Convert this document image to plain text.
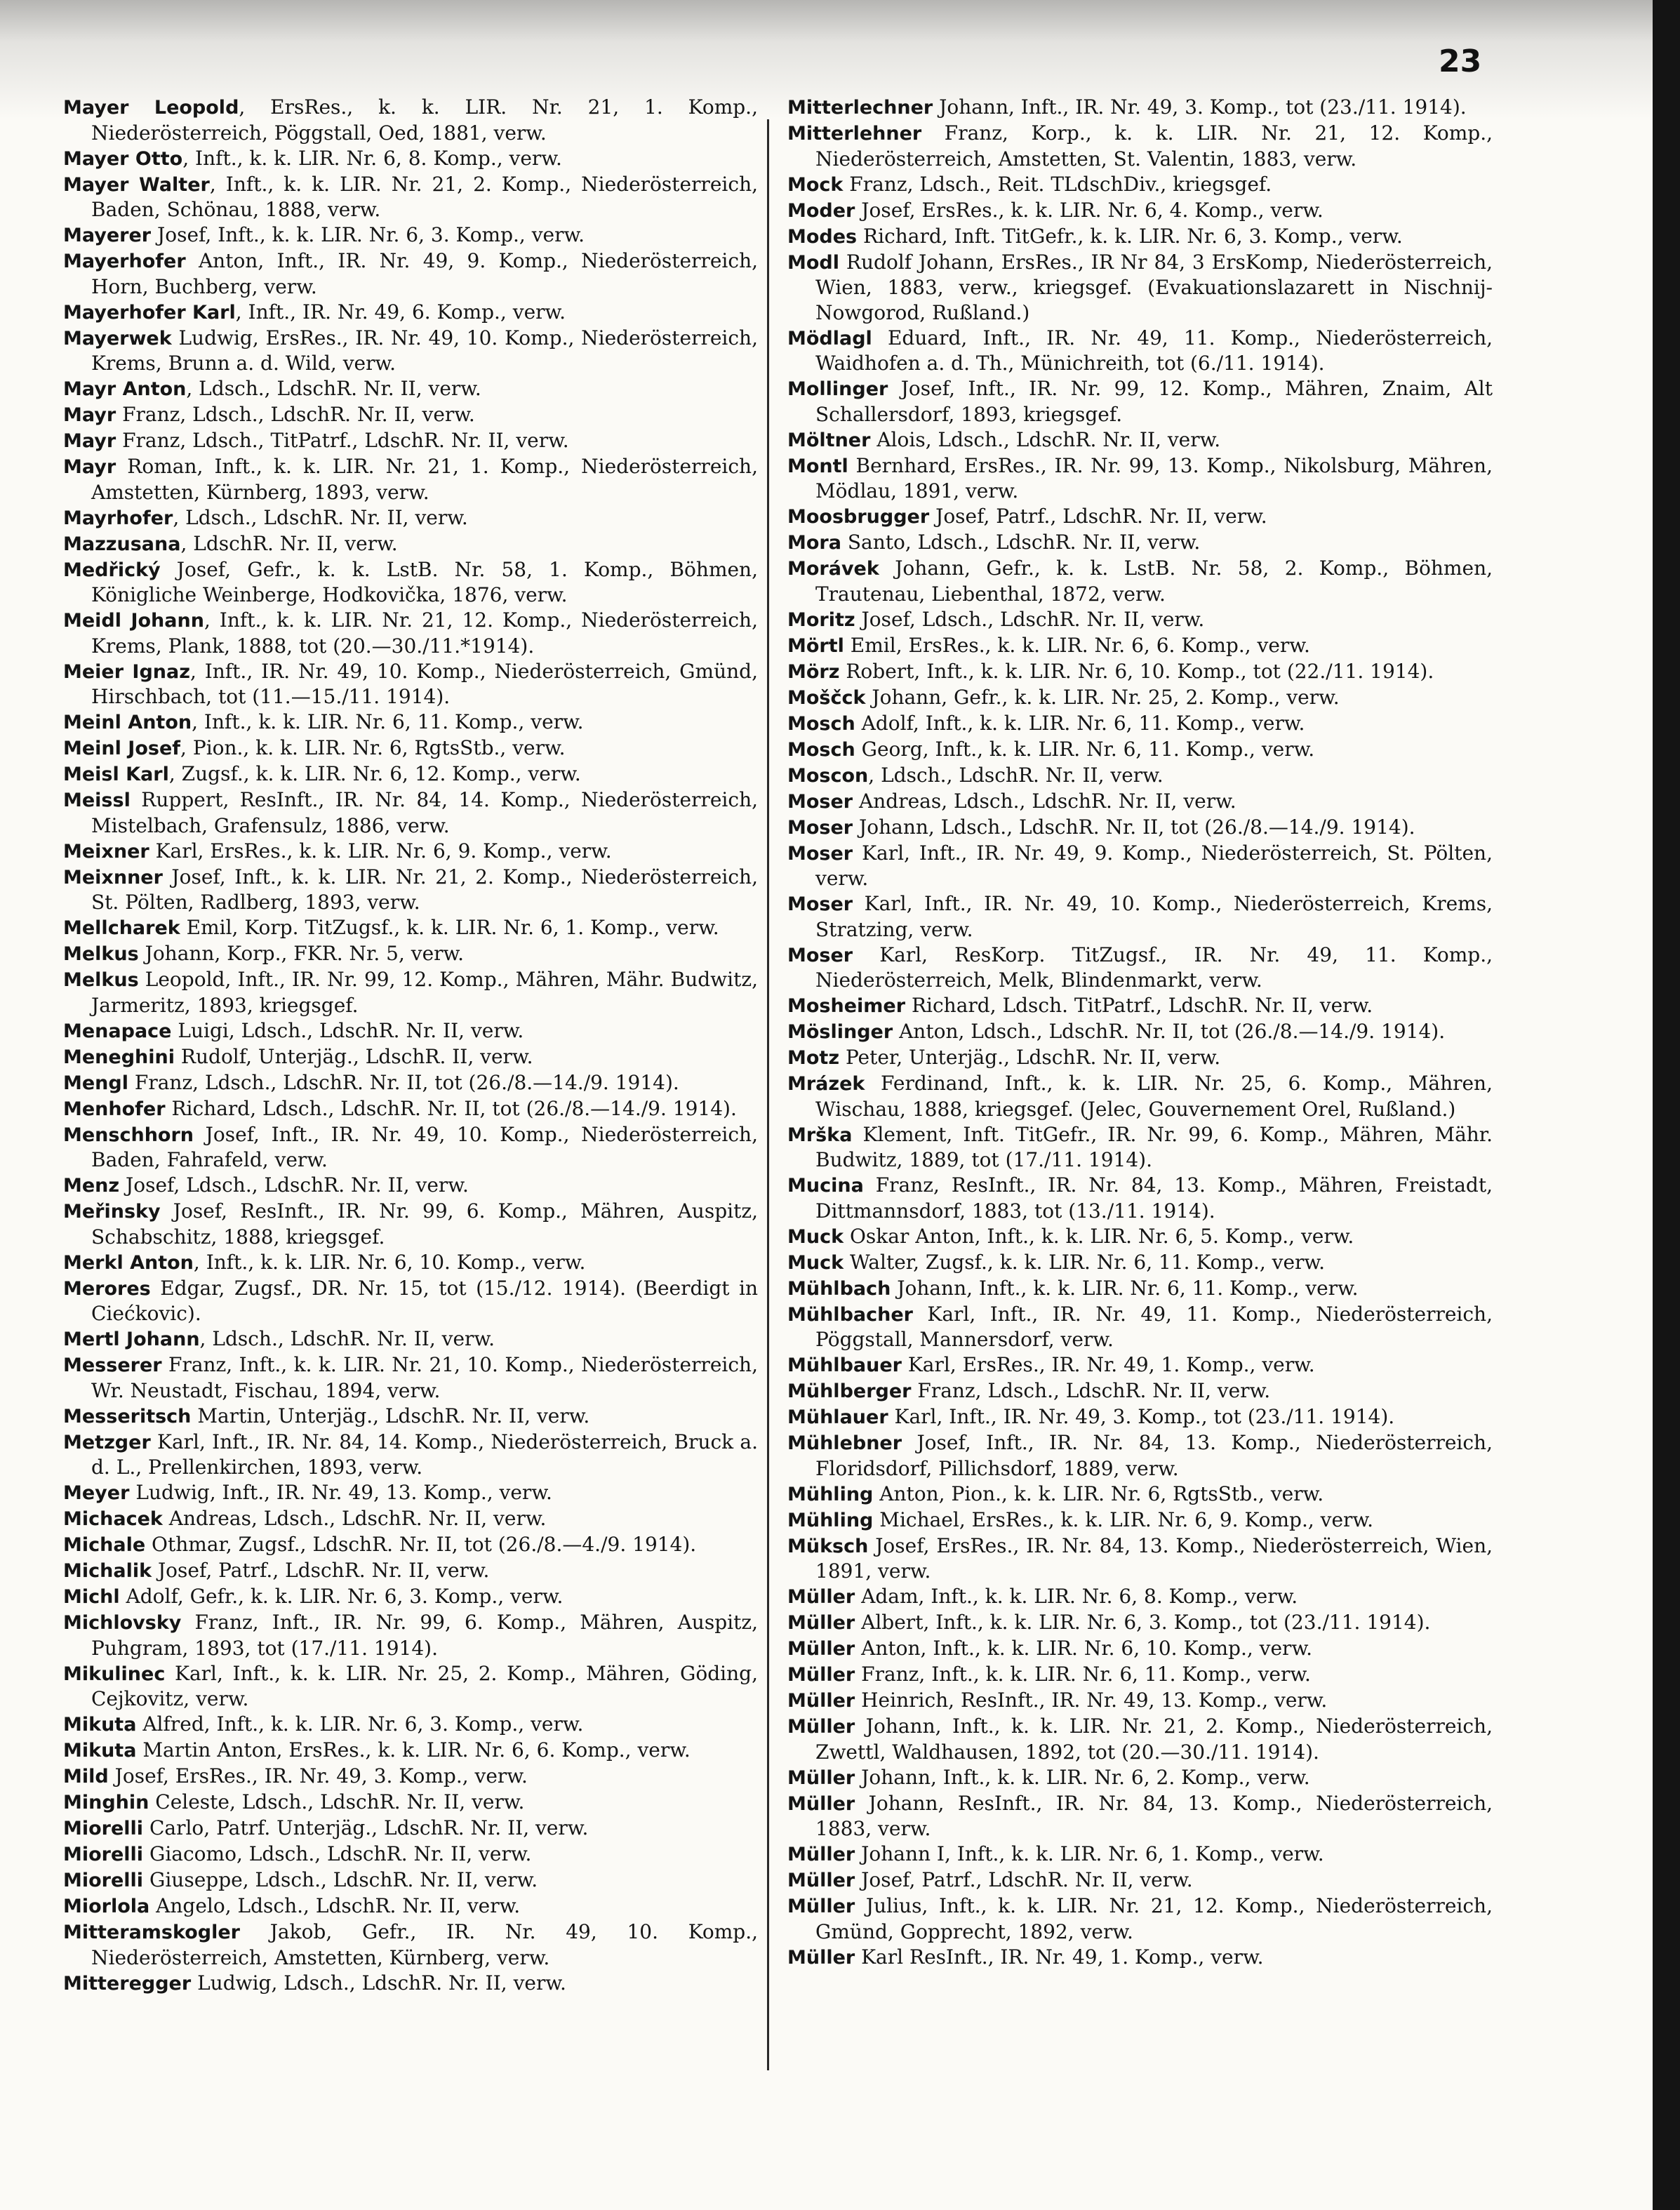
23

Mayer Leopold, ErsRes., k. k. LIR. Nr. 21, 1. Komp., Niederösterreich, Pöggstall, Oed, 1881, verw.

Mayer Otto, Inft., k. k. LIR. Nr. 6, 8. Komp., verw.

Mayer Walter, Inft., k. k. LIR. Nr. 21, 2. Komp., Niederösterreich, Baden, Schönau, 1888, verw.

Mayerer Josef, Inft., k. k. LIR. Nr. 6, 3. Komp., verw.

Mayerhofer Anton, Inft., IR. Nr. 49, 9. Komp., Niederösterreich, Horn, Buchberg, verw.

Mayerhofer Karl, Inft., IR. Nr. 49, 6. Komp., verw.

Mayerwek Ludwig, ErsRes., IR. Nr. 49, 10. Komp., Niederösterreich, Krems, Brunn a. d. Wild, verw.

Mayr Anton, Ldsch., LdschR. Nr. II, verw.

Mayr Franz, Ldsch., LdschR. Nr. II, verw.

Mayr Franz, Ldsch., TitPatrf., LdschR. Nr. II, verw.

Mayr Roman, Inft., k. k. LIR. Nr. 21, 1. Komp., Niederösterreich, Amstetten, Kürnberg, 1893, verw.

Mayrhofer, Ldsch., LdschR. Nr. II, verw.

Mazzusana, LdschR. Nr. II, verw.

Medřický Josef, Gefr., k. k. LstB. Nr. 58, 1. Komp., Böhmen, Königliche Weinberge, Hodkovička, 1876, verw.

Meidl Johann, Inft., k. k. LIR. Nr. 21, 12. Komp., Niederösterreich, Krems, Plank, 1888, tot (20.—30./11.*1914).

Meier Ignaz, Inft., IR. Nr. 49, 10. Komp., Niederösterreich, Gmünd, Hirschbach, tot (11.—15./11. 1914).

Meinl Anton, Inft., k. k. LIR. Nr. 6, 11. Komp., verw.

Meinl Josef, Pion., k. k. LIR. Nr. 6, RgtsStb., verw.

Meisl Karl, Zugsf., k. k. LIR. Nr. 6, 12. Komp., verw.

Meissl Ruppert, ResInft., IR. Nr. 84, 14. Komp., Niederösterreich, Mistelbach, Grafensulz, 1886, verw.

Meixner Karl, ErsRes., k. k. LIR. Nr. 6, 9. Komp., verw.

Meixnner Josef, Inft., k. k. LIR. Nr. 21, 2. Komp., Niederösterreich, St. Pölten, Radlberg, 1893, verw.

Mellcharek Emil, Korp. TitZugsf., k. k. LIR. Nr. 6, 1. Komp., verw.

Melkus Johann, Korp., FKR. Nr. 5, verw.

Melkus Leopold, Inft., IR. Nr. 99, 12. Komp., Mähren, Mähr. Budwitz, Jarmeritz, 1893, kriegsgef.

Menapace Luigi, Ldsch., LdschR. Nr. II, verw.

Meneghini Rudolf, Unterjäg., LdschR. II, verw.

Mengl Franz, Ldsch., LdschR. Nr. II, tot (26./8.—14./9. 1914).

Menhofer Richard, Ldsch., LdschR. Nr. II, tot (26./8.—14./9. 1914).

Menschhorn Josef, Inft., IR. Nr. 49, 10. Komp., Niederösterreich, Baden, Fahrafeld, verw.

Menz Josef, Ldsch., LdschR. Nr. II, verw.

Meřinsky Josef, ResInft., IR. Nr. 99, 6. Komp., Mähren, Auspitz, Schabschitz, 1888, kriegsgef.

Merkl Anton, Inft., k. k. LIR. Nr. 6, 10. Komp., verw.

Merores Edgar, Zugsf., DR. Nr. 15, tot (15./12. 1914). (Beerdigt in Ciećkovic).

Mertl Johann, Ldsch., LdschR. Nr. II, verw.

Messerer Franz, Inft., k. k. LIR. Nr. 21, 10. Komp., Niederösterreich, Wr. Neustadt, Fischau, 1894, verw.

Messeritsch Martin, Unterjäg., LdschR. Nr. II, verw.

Metzger Karl, Inft., IR. Nr. 84, 14. Komp., Niederösterreich, Bruck a. d. L., Prellenkirchen, 1893, verw.

Meyer Ludwig, Inft., IR. Nr. 49, 13. Komp., verw.

Michacek Andreas, Ldsch., LdschR. Nr. II, verw.

Michale Othmar, Zugsf., LdschR. Nr. II, tot (26./8.—4./9. 1914).

Michalik Josef, Patrf., LdschR. Nr. II, verw.

Michl Adolf, Gefr., k. k. LIR. Nr. 6, 3. Komp., verw.

Michlovsky Franz, Inft., IR. Nr. 99, 6. Komp., Mähren, Auspitz, Puhgram, 1893, tot (17./11. 1914).

Mikulinec Karl, Inft., k. k. LIR. Nr. 25, 2. Komp., Mähren, Göding, Cejkovitz, verw.

Mikuta Alfred, Inft., k. k. LIR. Nr. 6, 3. Komp., verw.

Mikuta Martin Anton, ErsRes., k. k. LIR. Nr. 6, 6. Komp., verw.

Mild Josef, ErsRes., IR. Nr. 49, 3. Komp., verw.

Minghin Celeste, Ldsch., LdschR. Nr. II, verw.

Miorelli Carlo, Patrf. Unterjäg., LdschR. Nr. II, verw.

Miorelli Giacomo, Ldsch., LdschR. Nr. II, verw.

Miorelli Giuseppe, Ldsch., LdschR. Nr. II, verw.

Miorlola Angelo, Ldsch., LdschR. Nr. II, verw.

Mitteramskogler Jakob, Gefr., IR. Nr. 49, 10. Komp., Niederösterreich, Amstetten, Kürnberg, verw.

Mitteregger Ludwig, Ldsch., LdschR. Nr. II, verw.

Mitterlechner Johann, Inft., IR. Nr. 49, 3. Komp., tot (23./11. 1914).

Mitterlehner Franz, Korp., k. k. LIR. Nr. 21, 12. Komp., Niederösterreich, Amstetten, St. Valentin, 1883, verw.

Mock Franz, Ldsch., Reit. TLdschDiv., kriegsgef.

Moder Josef, ErsRes., k. k. LIR. Nr. 6, 4. Komp., verw.

Modes Richard, Inft. TitGefr., k. k. LIR. Nr. 6, 3. Komp., verw.

Modl Rudolf Johann, ErsRes., IR Nr 84, 3 ErsKomp, Niederösterreich, Wien, 1883, verw., kriegsgef. (Evakuationslazarett in Nischnij-Nowgorod, Rußland.)

Mödlagl Eduard, Inft., IR. Nr. 49, 11. Komp., Niederösterreich, Waidhofen a. d. Th., Münichreith, tot (6./11. 1914).

Mollinger Josef, Inft., IR. Nr. 99, 12. Komp., Mähren, Znaim, Alt Schallersdorf, 1893, kriegsgef.

Möltner Alois, Ldsch., LdschR. Nr. II, verw.

Montl Bernhard, ErsRes., IR. Nr. 99, 13. Komp., Nikolsburg, Mähren, Mödlau, 1891, verw.

Moosbrugger Josef, Patrf., LdschR. Nr. II, verw.

Mora Santo, Ldsch., LdschR. Nr. II, verw.

Morávek Johann, Gefr., k. k. LstB. Nr. 58, 2. Komp., Böhmen, Trautenau, Liebenthal, 1872, verw.

Moritz Josef, Ldsch., LdschR. Nr. II, verw.

Mörtl Emil, ErsRes., k. k. LIR. Nr. 6, 6. Komp., verw.

Mörz Robert, Inft., k. k. LIR. Nr. 6, 10. Komp., tot (22./11. 1914).

Moščck Johann, Gefr., k. k. LIR. Nr. 25, 2. Komp., verw.

Mosch Adolf, Inft., k. k. LIR. Nr. 6, 11. Komp., verw.

Mosch Georg, Inft., k. k. LIR. Nr. 6, 11. Komp., verw.

Moscon, Ldsch., LdschR. Nr. II, verw.

Moser Andreas, Ldsch., LdschR. Nr. II, verw.

Moser Johann, Ldsch., LdschR. Nr. II, tot (26./8.—14./9. 1914).

Moser Karl, Inft., IR. Nr. 49, 9. Komp., Niederösterreich, St. Pölten, verw.

Moser Karl, Inft., IR. Nr. 49, 10. Komp., Niederösterreich, Krems, Stratzing, verw.

Moser Karl, ResKorp. TitZugsf., IR. Nr. 49, 11. Komp., Niederösterreich, Melk, Blindenmarkt, verw.

Mosheimer Richard, Ldsch. TitPatrf., LdschR. Nr. II, verw.

Möslinger Anton, Ldsch., LdschR. Nr. II, tot (26./8.—14./9. 1914).

Motz Peter, Unterjäg., LdschR. Nr. II, verw.

Mrázek Ferdinand, Inft., k. k. LIR. Nr. 25, 6. Komp., Mähren, Wischau, 1888, kriegsgef. (Jelec, Gouvernement Orel, Rußland.)

Mrška Klement, Inft. TitGefr., IR. Nr. 99, 6. Komp., Mähren, Mähr. Budwitz, 1889, tot (17./11. 1914).

Mucina Franz, ResInft., IR. Nr. 84, 13. Komp., Mähren, Freistadt, Dittmannsdorf, 1883, tot (13./11. 1914).

Muck Oskar Anton, Inft., k. k. LIR. Nr. 6, 5. Komp., verw.

Muck Walter, Zugsf., k. k. LIR. Nr. 6, 11. Komp., verw.

Mühlbach Johann, Inft., k. k. LIR. Nr. 6, 11. Komp., verw.

Mühlbacher Karl, Inft., IR. Nr. 49, 11. Komp., Niederösterreich, Pöggstall, Mannersdorf, verw.

Mühlbauer Karl, ErsRes., IR. Nr. 49, 1. Komp., verw.

Mühlberger Franz, Ldsch., LdschR. Nr. II, verw.

Mühlauer Karl, Inft., IR. Nr. 49, 3. Komp., tot (23./11. 1914).

Mühlebner Josef, Inft., IR. Nr. 84, 13. Komp., Niederösterreich, Floridsdorf, Pillichsdorf, 1889, verw.

Mühling Anton, Pion., k. k. LIR. Nr. 6, RgtsStb., verw.

Mühling Michael, ErsRes., k. k. LIR. Nr. 6, 9. Komp., verw.

Müksch Josef, ErsRes., IR. Nr. 84, 13. Komp., Niederösterreich, Wien, 1891, verw.

Müller Adam, Inft., k. k. LIR. Nr. 6, 8. Komp., verw.

Müller Albert, Inft., k. k. LIR. Nr. 6, 3. Komp., tot (23./11. 1914).

Müller Anton, Inft., k. k. LIR. Nr. 6, 10. Komp., verw.

Müller Franz, Inft., k. k. LIR. Nr. 6, 11. Komp., verw.

Müller Heinrich, ResInft., IR. Nr. 49, 13. Komp., verw.

Müller Johann, Inft., k. k. LIR. Nr. 21, 2. Komp., Niederösterreich, Zwettl, Waldhausen, 1892, tot (20.—30./11. 1914).

Müller Johann, Inft., k. k. LIR. Nr. 6, 2. Komp., verw.

Müller Johann, ResInft., IR. Nr. 84, 13. Komp., Niederösterreich, 1883, verw.

Müller Johann I, Inft., k. k. LIR. Nr. 6, 1. Komp., verw.

Müller Josef, Patrf., LdschR. Nr. II, verw.

Müller Julius, Inft., k. k. LIR. Nr. 21, 12. Komp., Niederösterreich, Gmünd, Gopprecht, 1892, verw.

Müller Karl ResInft., IR. Nr. 49, 1. Komp., verw.
